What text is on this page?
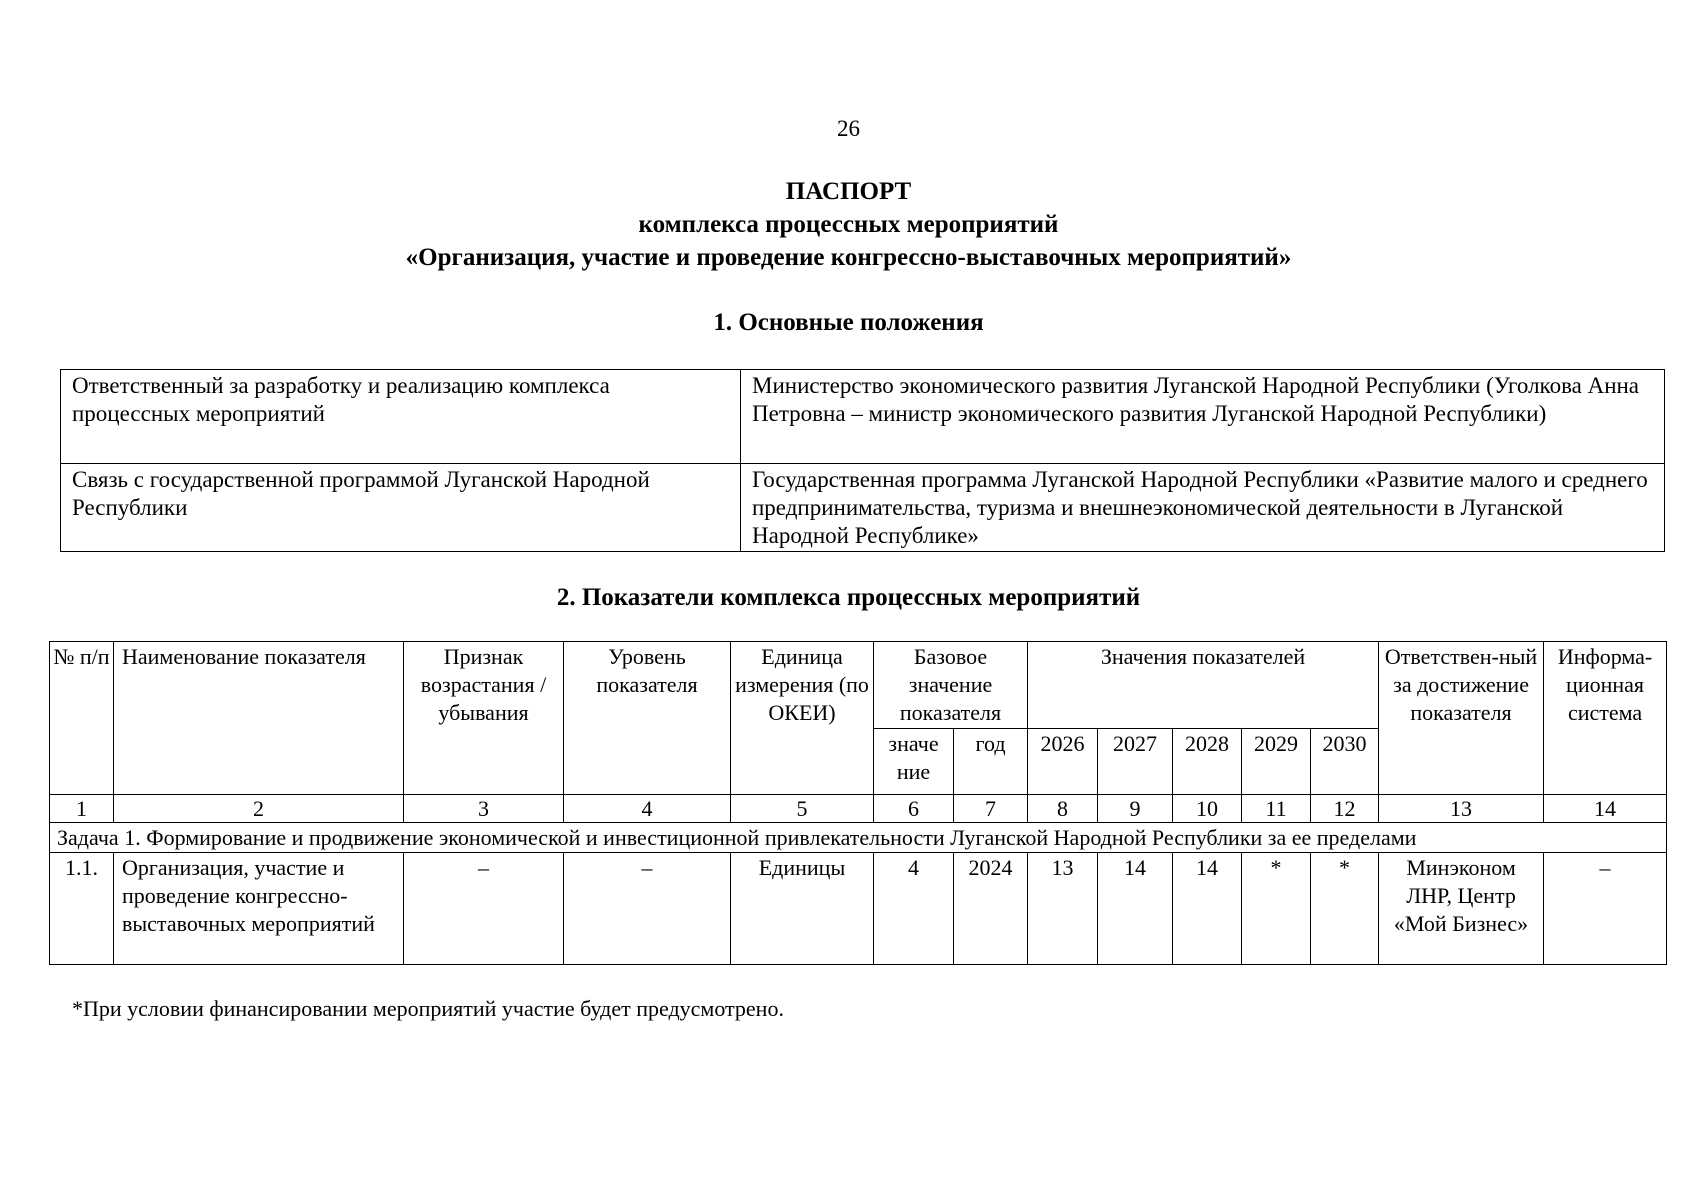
26
ПАСПОРТ
комплекса процессных мероприятий
«Организация, участие и проведение конгрессно-выставочных мероприятий»
1. Основные положения
Ответственный за разработку и реализацию комплекса процессных мероприятий	Министерство экономического развития Луганской Народной Республики (Уголкова Анна Петровна – министр экономического развития Луганской Народной Республики)
Связь с государственной программой Луганской Народной Республики	Государственная программа Луганской Народной Республики «Развитие малого и среднего предпринимательства, туризма и внешнеэкономической деятельности в Луганской Народной Республике»
2. Показатели комплекса процессных мероприятий
№ п/п	Наименование показателя	Признак возрастания / убывания	Уровень показателя	Единица измерения (по ОКЕИ)	Базовое значение показателя		Значения показателей					Ответствен-ный за достижение показателя	Информа-ционная система
					значе ние	год	2026	2027	2028	2029	2030		
1	2	3	4	5	6	7	8	9	10	11	12	13	14
Задача 1. Формирование и продвижение экономической и инвестиционной привлекательности Луганской Народной Республики за ее пределами													
1.1.	Организация, участие и проведение конгрессно-выставочных мероприятий	–	–	Единицы	4	2024	13	14	14	*	*	Минэконом ЛНР, Центр «Мой Бизнес»	–
*При условии финансировании мероприятий участие будет предусмотрено.
